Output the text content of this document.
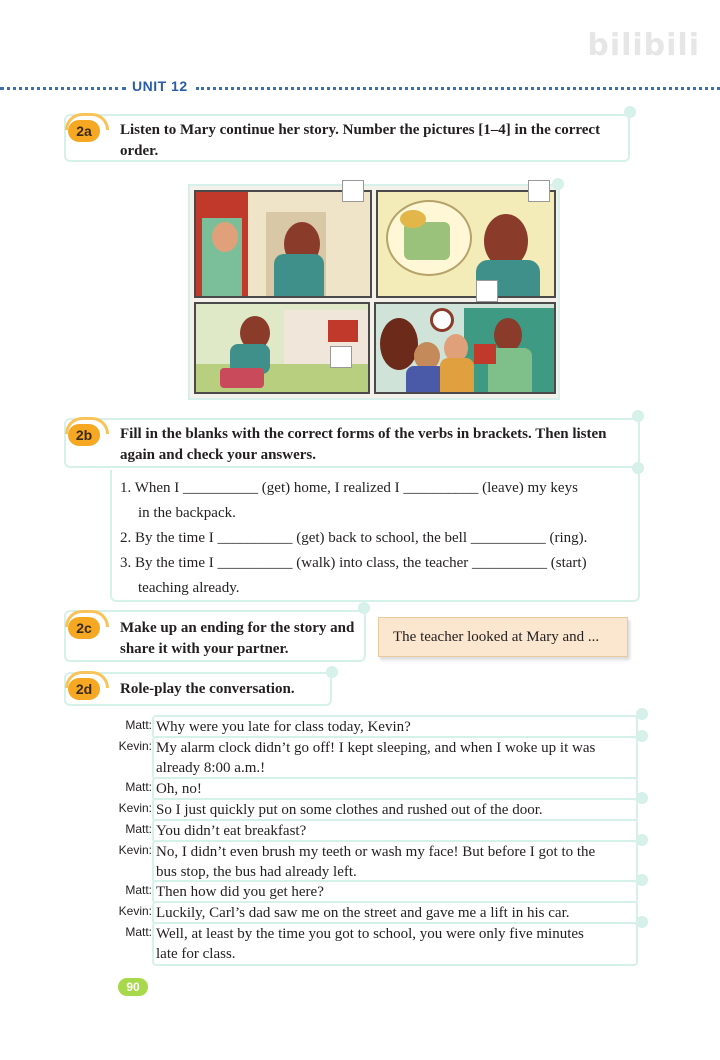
bilibili
UNIT 12
2a	Listen to Mary continue her story. Number the pictures [1–4] in the correct order.
2b	Fill in the blanks with the correct forms of the verbs in brackets. Then listen again and check your answers.
1. When I __________ (get) home, I realized I __________ (leave) my keys
in the backpack.
2. By the time I __________ (get) back to school, the bell __________ (ring).
3. By the time I __________ (walk) into class, the teacher __________ (start)
teaching already.
2c	Make up an ending for the story and share it with your partner.
The teacher looked at Mary and ...
2d	Role-play the conversation.
Matt: Why were you late for class today, Kevin?
Kevin: My alarm clock didn’t go off! I kept sleeping, and when I woke up it was
already 8:00 a.m.!
Matt: Oh, no!
Kevin: So I just quickly put on some clothes and rushed out of the door.
Matt: You didn’t eat breakfast?
Kevin: No, I didn’t even brush my teeth or wash my face! But before I got to the
bus stop, the bus had already left.
Matt: Then how did you get here?
Kevin: Luckily, Carl’s dad saw me on the street and gave me a lift in his car.
Matt: Well, at least by the time you got to school, you were only five minutes
late for class.
90
